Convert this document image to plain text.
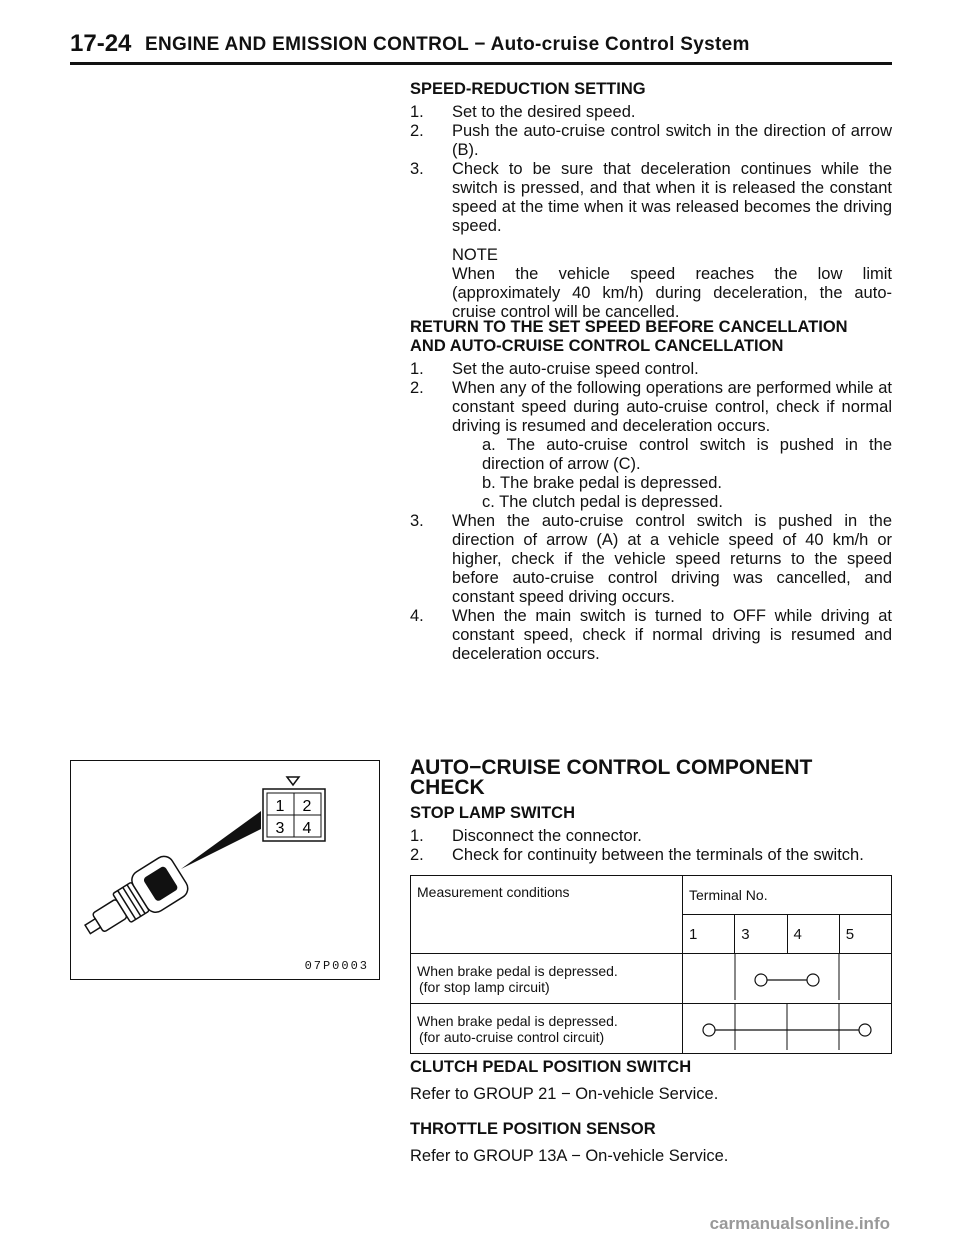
17-24 ENGINE AND EMISSION CONTROL − Auto-cruise Control System

SPEED-REDUCTION SETTING

1. Set to the desired speed.
2. Push the auto-cruise control switch in the direction of arrow (B).
3. Check to be sure that deceleration continues while the switch is pressed, and that when it is released the constant speed at the time when it was released becomes the driving speed.
NOTE
When the vehicle speed reaches the low limit (approximately 40 km/h) during deceleration, the auto-cruise control will be cancelled.

RETURN TO THE SET SPEED BEFORE CANCELLATION

AND AUTO-CRUISE CONTROL CANCELLATION

1. Set the auto-cruise speed control.
2. When any of the following operations are performed while at constant speed during auto-cruise control, check if normal driving is resumed and deceleration occurs.
a. The auto-cruise control switch is pushed in the direction of arrow (C).
b. The brake pedal is depressed.
c. The clutch pedal is depressed.
3. When the auto-cruise control switch is pushed in the direction of arrow (A) at a vehicle speed of 40 km/h or higher, check if the vehicle speed returns to the speed before auto-cruise control driving was cancelled, and constant speed driving occurs.
4. When the main switch is turned to OFF while driving at constant speed, check if normal driving is resumed and deceleration occurs.
1 2
3 4
07P0003
AUTO−CRUISE CONTROL COMPONENT
CHECK

STOP LAMP SWITCH

1. Disconnect the connector.
2. Check for continuity between the terminals of the switch.
Measurement conditions	Terminal No.			
	1	3	4	5

When brake pedal is depressed.
(for stop lamp circuit)

When brake pedal is depressed.
(for auto-cruise control circuit)

CLUTCH PEDAL POSITION SWITCH

Refer to GROUP 21 − On-vehicle Service.

THROTTLE POSITION SENSOR

Refer to GROUP 13A − On-vehicle Service.

carmanualsonline.info
